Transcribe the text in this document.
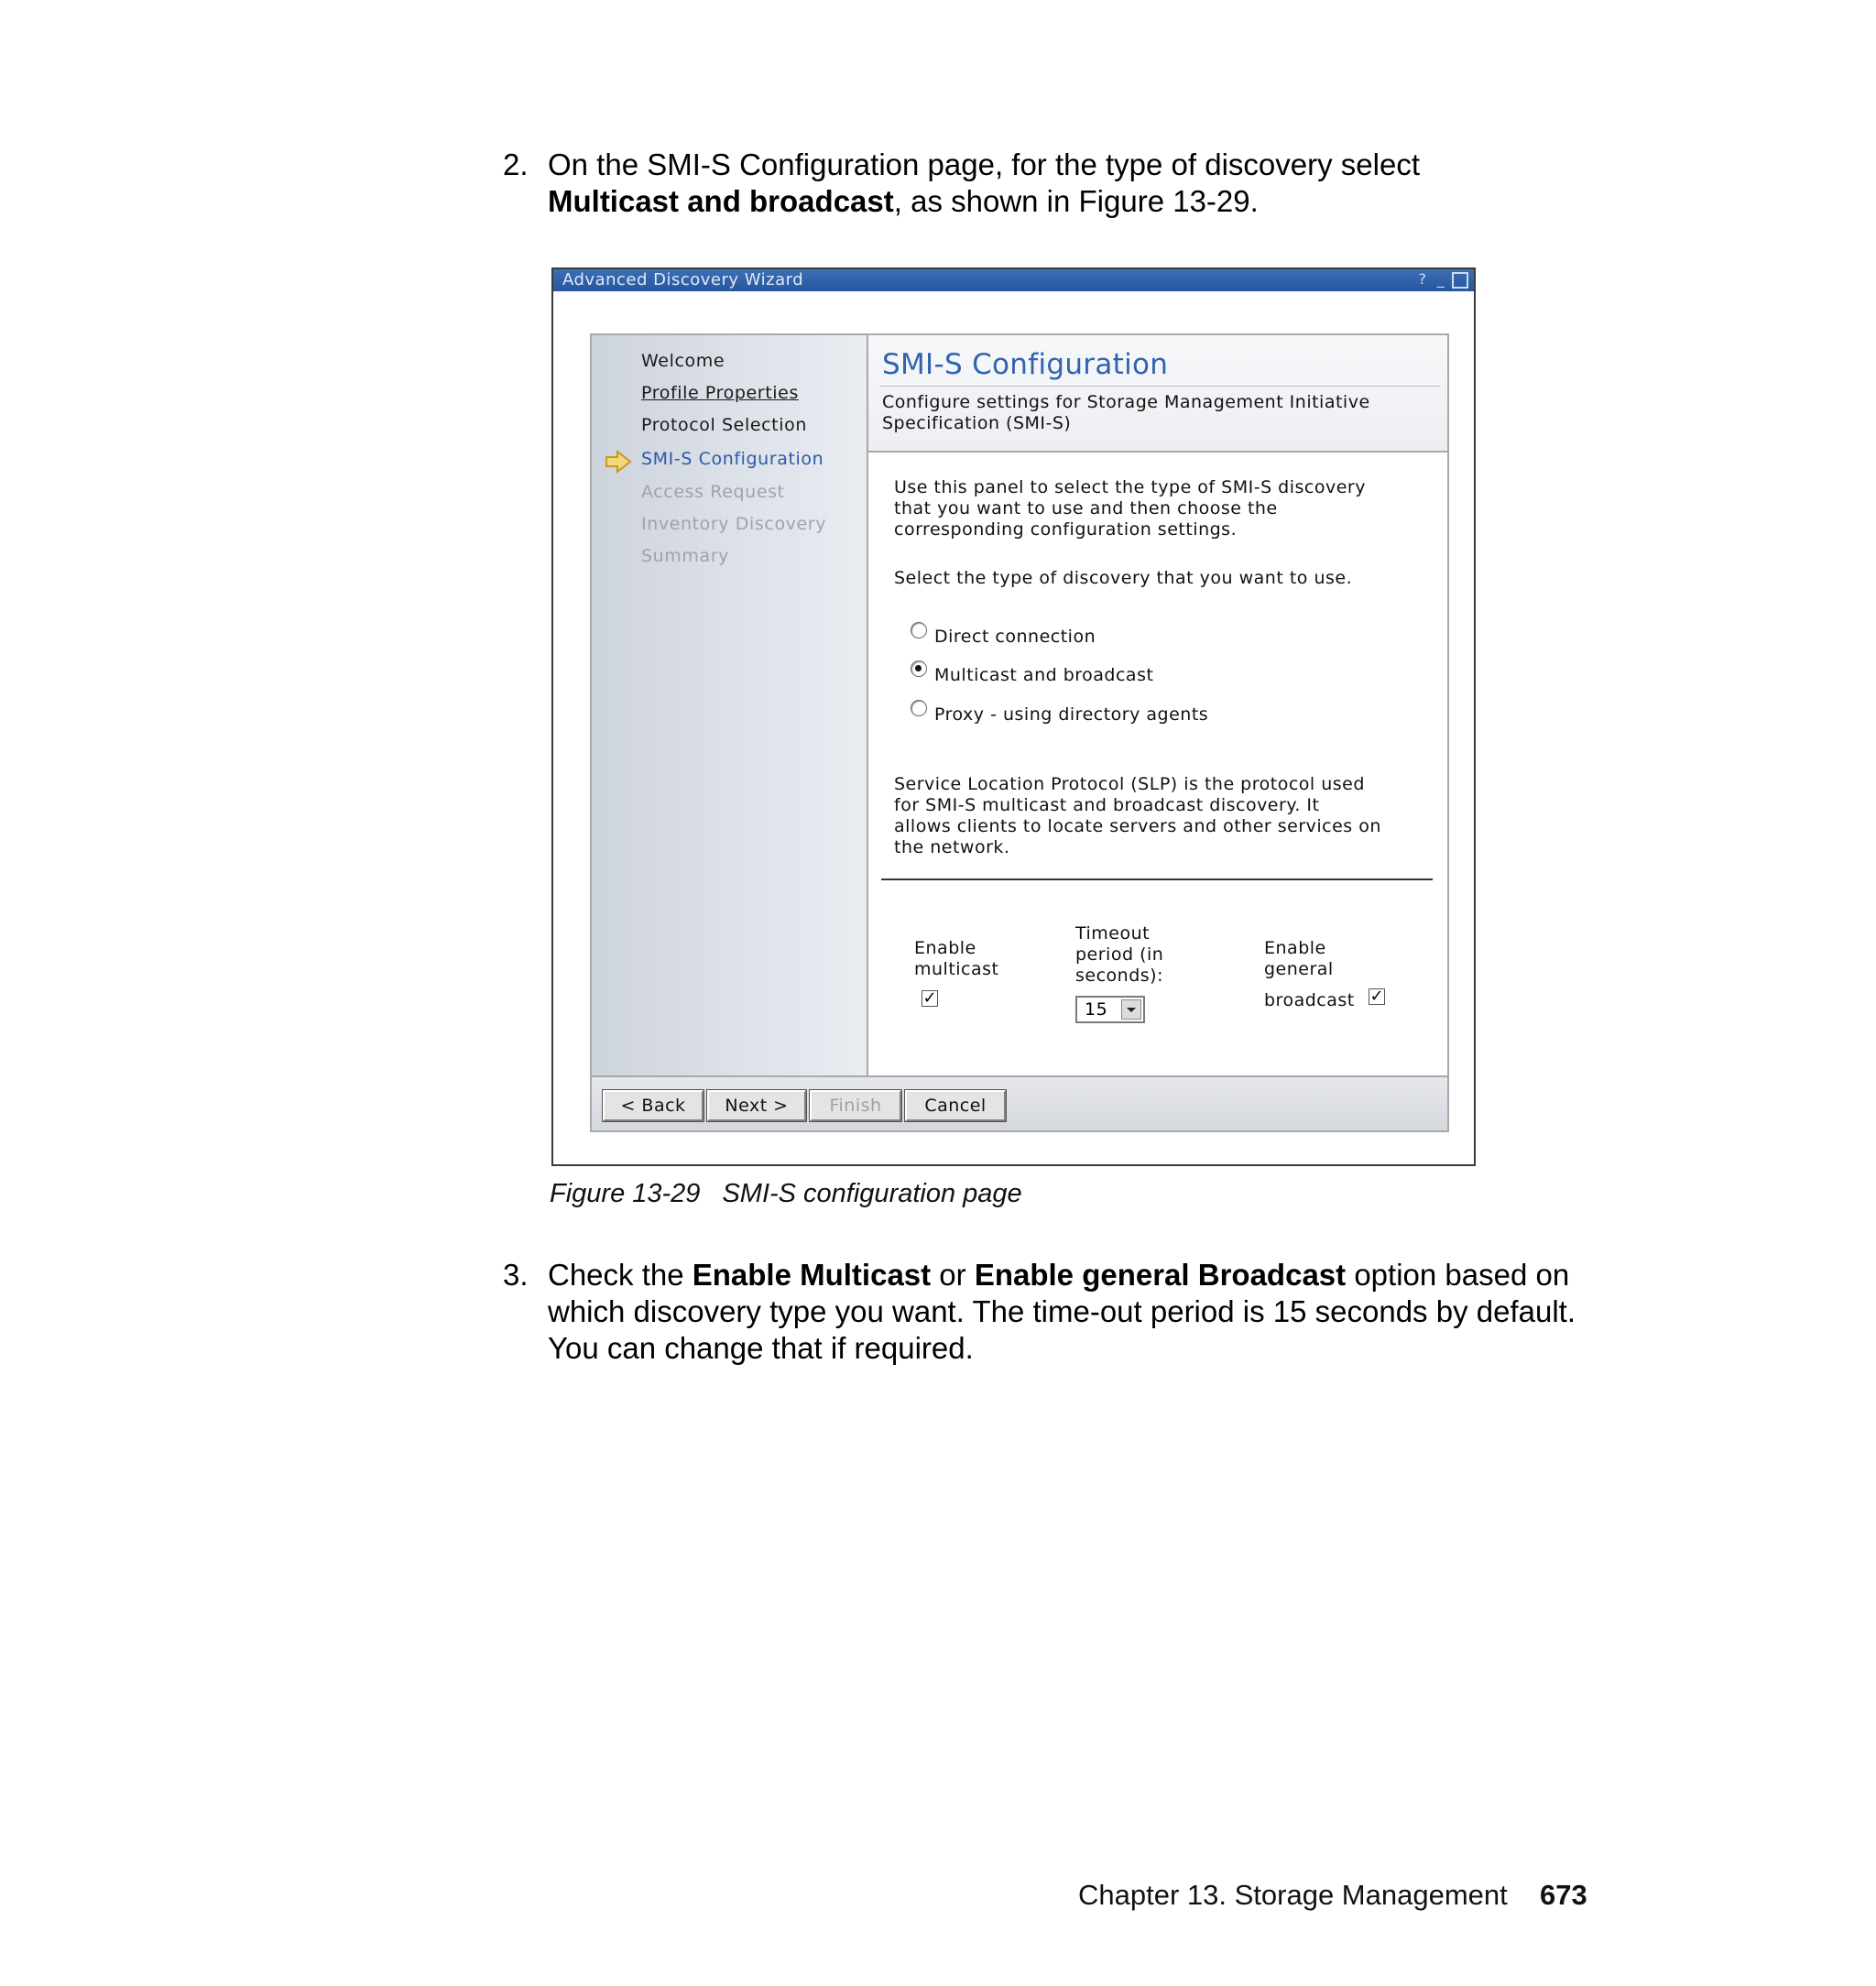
2. On the SMI-S Configuration page, for the type of discovery select Multicast and broadcast, as shown in Figure 13-29.
Advanced Discovery Wizard	? _
Welcome
Profile Properties
Protocol Selection
SMI-S Configuration
Access Request
Inventory Discovery
Summary
SMI-S Configuration
Configure settings for Storage Management Initiative
Specification (SMI-S)
Use this panel to select the type of SMI-S discovery
that you want to use and then choose the
corresponding configuration settings.
Select the type of discovery that you want to use.
Direct connection
Multicast and broadcast
Proxy - using directory agents
Service Location Protocol (SLP) is the protocol used
for SMI-S multicast and broadcast discovery. It
allows clients to locate servers and other services on
the network.
Enable
multicast
✓
Timeout
period (in
seconds):
15
Enable
general
broadcast ✓
< Back	Next >	Finish	Cancel
Figure 13-29 SMI-S configuration page
3. Check the Enable Multicast or Enable general Broadcast option based on
which discovery type you want. The time-out period is 15 seconds by default.
You can change that if required.
Chapter 13. Storage Management 673
